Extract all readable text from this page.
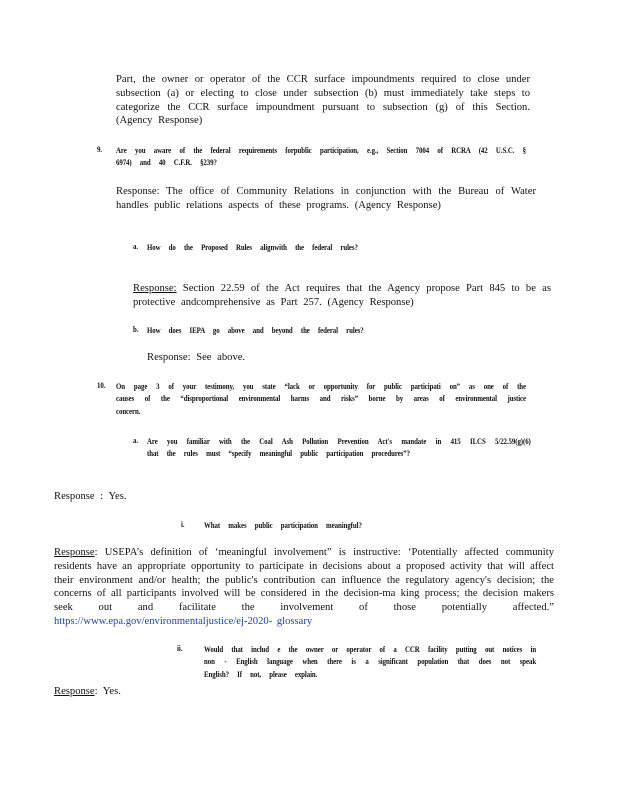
Part, the owner or operator of the CCR surface impoundments required to close under subsection (a) or electing to close under subsection (b) must immediately take steps to categorize the CCR surface impoundment pursuant to subsection (g) of this Section. (Agency Response)

9. Are you aware of the federal requirements forpublic participation, e.g., Section 7004 of RCRA (42 U.S.C. § 6974) and 40 C.F.R. §239?

Response: The office of Community Relations in conjunction with the Bureau of Water handles public relations aspects of these programs. (Agency Response)

a. How do the Proposed Rules alignwith the federal rules?

Response: Section 22.59 of the Act requires that the Agency propose Part 845 to be as protective andcomprehensive as Part 257. (Agency Response)

b. How does IEPA go above and beyond the federal rules?

Response: See above.

10. On page 3 of your testimony, you state “lack or opportunity for public participati on” as one of the causes of the “disproportional environmental harms and risks” borne by areas of environmental justice concern.

a. Are you familiar with the Coal Ash Pollution Prevention Act's mandate in 415 ILCS 5/22.59(g)(6) that the rules must “specify meaningful public participation procedures”?

Response : Yes.

i. What makes public participation meaningful?

Response: USEPA’s definition of ‘meaningful involvement” is instructive: ‘Potentially affected community residents have an appropriate opportunity to participate in decisions about a proposed activity that will affect their environment and/or health; the public's contribution can influence the regulatory agency's decision; the concerns of all participants involved will be considered in the decision-ma king process; the decision makers seek out and facilitate the involvement of those potentially affected.” https://www.epa.gov/environmentaljustice/ej-2020- glossary

ii.	Would that includ e the owner or operator of a CCR facility putting out notices in non - English language when there is a significant population that does not speak English? If not, please explain.

Response: Yes.
